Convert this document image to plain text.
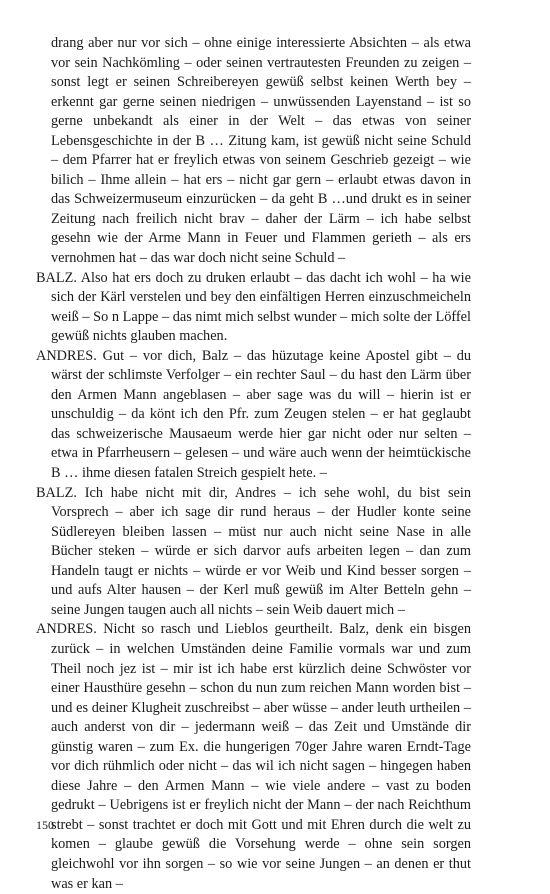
drang aber nur vor sich – ohne einige interessierte Absichten – als etwa vor sein Nachkömling – oder seinen vertrautesten Freunden zu zeigen – sonst legt er seinen Schreibereyen gewüß selbst keinen Werth bey – erkennt gar gerne seinen niedrigen – unwüssenden Layenstand – ist so gerne unbekandt als einer in der Welt – das etwas von seiner Lebensgeschichte in der B … Zitung kam, ist gewüß nicht seine Schuld – dem Pfarrer hat er freylich etwas von seinem Geschrieb gezeigt – wie bilich – Ihme allein – hat ers – nicht gar gern – erlaubt etwas davon in das Schweizermuseum einzurücken – da geht B …und drukt es in seiner Zeitung nach freilich nicht brav – daher der Lärm – ich habe selbst gesehn wie der Arme Mann in Feuer und Flammen gerieth – als ers vernohmen hat – das war doch nicht seine Schuld –

BALZ. Also hat ers doch zu druken erlaubt – das dacht ich wohl – ha wie sich der Kärl verstelen und bey den einfältigen Herren einzuschmeicheln weiß – So n Lappe – das nimt mich selbst wunder – mich solte der Löffel gewüß nichts glauben machen.

ANDRES. Gut – vor dich, Balz – das hüzutage keine Apostel gibt – du wärst der schlimste Verfolger – ein rechter Saul – du hast den Lärm über den Armen Mann angeblasen – aber sage was du will – hierin ist er unschuldig – da könt ich den Pfr. zum Zeugen stelen – er hat geglaubt das schweizerische Mausaeum werde hier gar nicht oder nur selten – etwa in Pfarrheusern – gelesen – und wäre auch wenn der heimtückische B … ihme diesen fatalen Streich gespielt hete. –

BALZ. Ich habe nicht mit dir, Andres – ich sehe wohl, du bist sein Vorsprech – aber ich sage dir rund heraus – der Hudler konte seine Südlereyen bleiben lassen – müst nur auch nicht seine Nase in alle Bücher steken – würde er sich darvor aufs arbeiten legen – dan zum Handeln taugt er nichts – würde er vor Weib und Kind besser sorgen – und aufs Alter hausen – der Kerl muß gewüß im Alter Betteln gehn – seine Jungen taugen auch all nichts – sein Weib dauert mich –

ANDRES. Nicht so rasch und Lieblos geurtheilt. Balz, denk ein bisgen zurück – in welchen Umständen deine Familie vormals war und zum Theil noch jez ist – mir ist ich habe erst kürzlich deine Schwöster vor einer Hausthüre gesehn – schon du nun zum reichen Mann worden bist – und es deiner Klugheit zuschreibst – aber wüsse – ander leuth urtheilen – auch anderst von dir – jedermann weiß – das Zeit und Umstände dir günstig waren – zum Ex. die hungerigen 70ger Jahre waren Erndt-Tage vor dich rühmlich oder nicht – das wil ich nicht sagen – hingegen haben diese Jahre – den Armen Mann – wie viele andere – vast zu boden gedrukt – Uebrigens ist er freylich nicht der Mann – der nach Reichthum strebt – sonst trachtet er doch mit Gott und mit Ehren durch die welt zu komen – glaube gewüß die Vorsehung werde – ohne sein sorgen gleichwohl vor ihn sorgen – so wie vor seine Jungen – an denen er thut was er kan –

150
